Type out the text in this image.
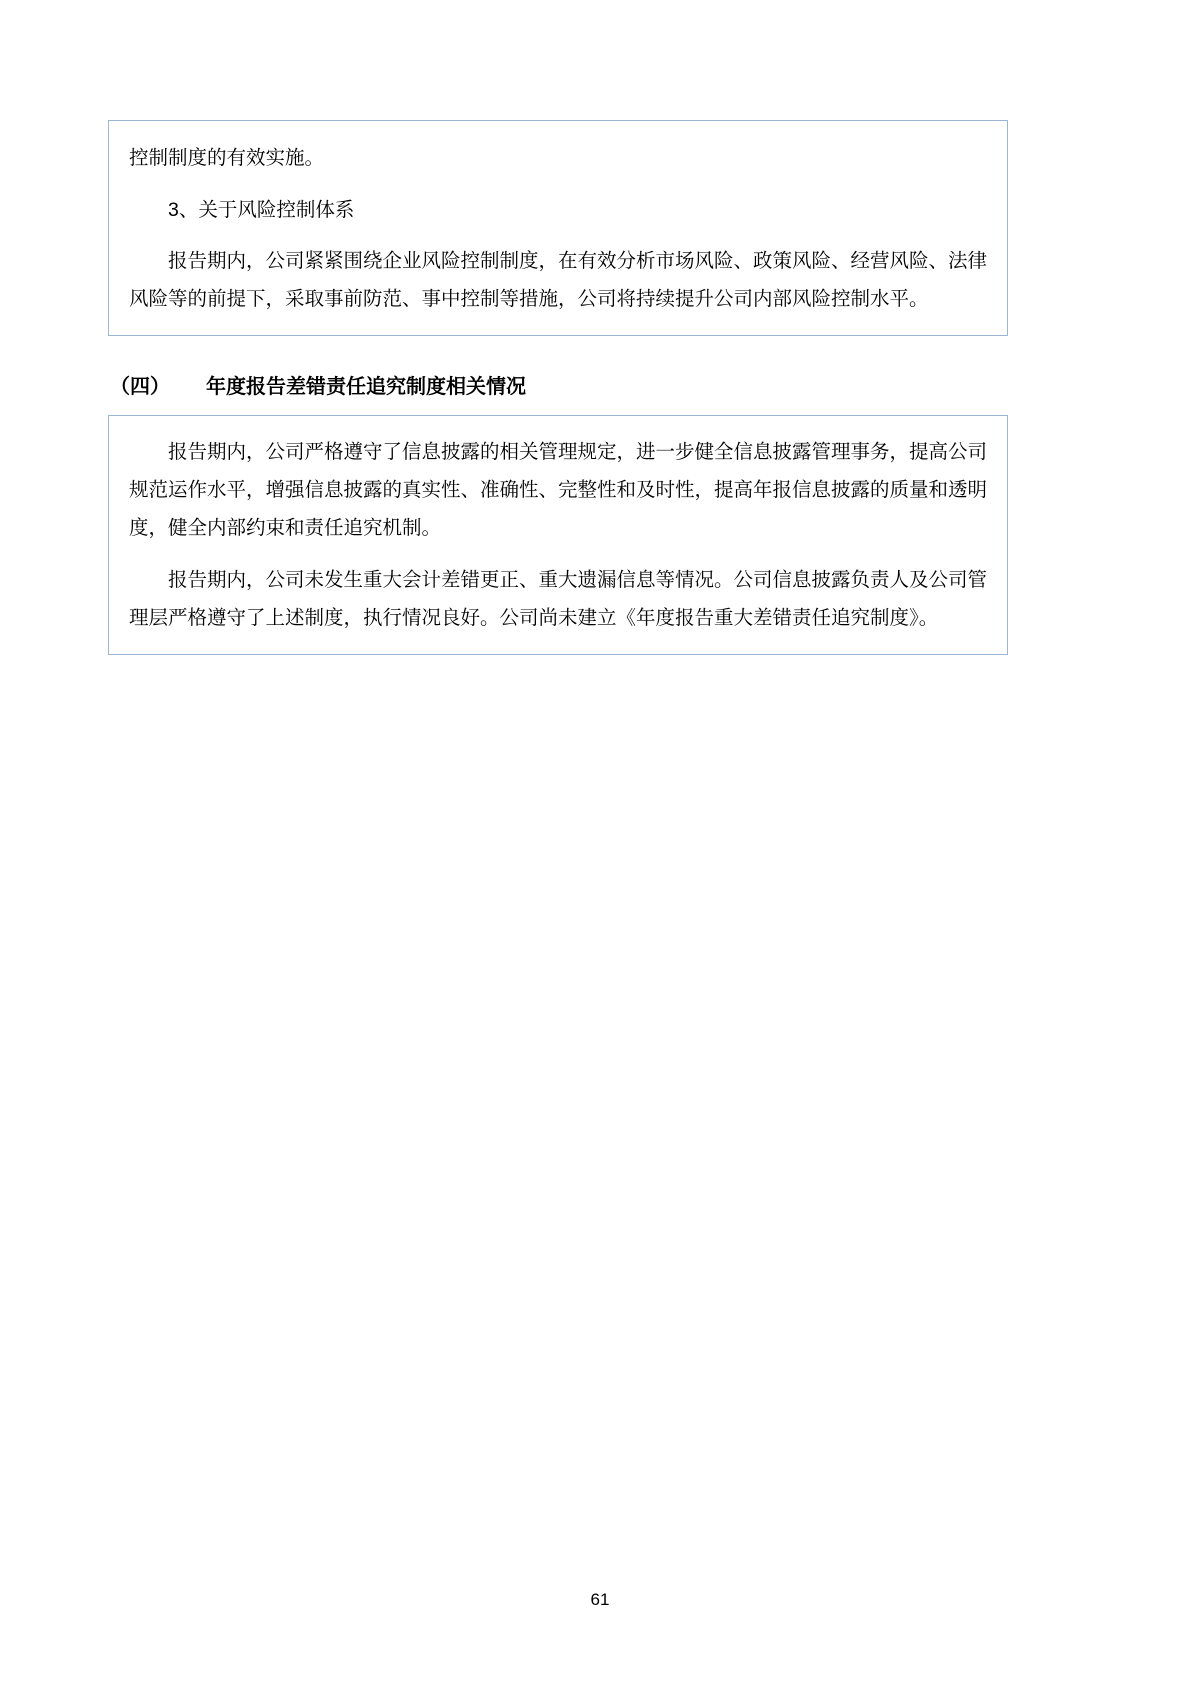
控制制度的有效实施。

3、关于风险控制体系

报告期内，公司紧紧围绕企业风险控制制度，在有效分析市场风险、政策风险、经营风险、法律风险等的前提下，采取事前防范、事中控制等措施，公司将持续提升公司内部风险控制水平。

（四）	年度报告差错责任追究制度相关情况

报告期内，公司严格遵守了信息披露的相关管理规定，进一步健全信息披露管理事务，提高公司规范运作水平，增强信息披露的真实性、准确性、完整性和及时性，提高年报信息披露的质量和透明度，健全内部约束和责任追究机制。

报告期内，公司未发生重大会计差错更正、重大遗漏信息等情况。公司信息披露负责人及公司管理层严格遵守了上述制度，执行情况良好。公司尚未建立《年度报告重大差错责任追究制度》。

61
